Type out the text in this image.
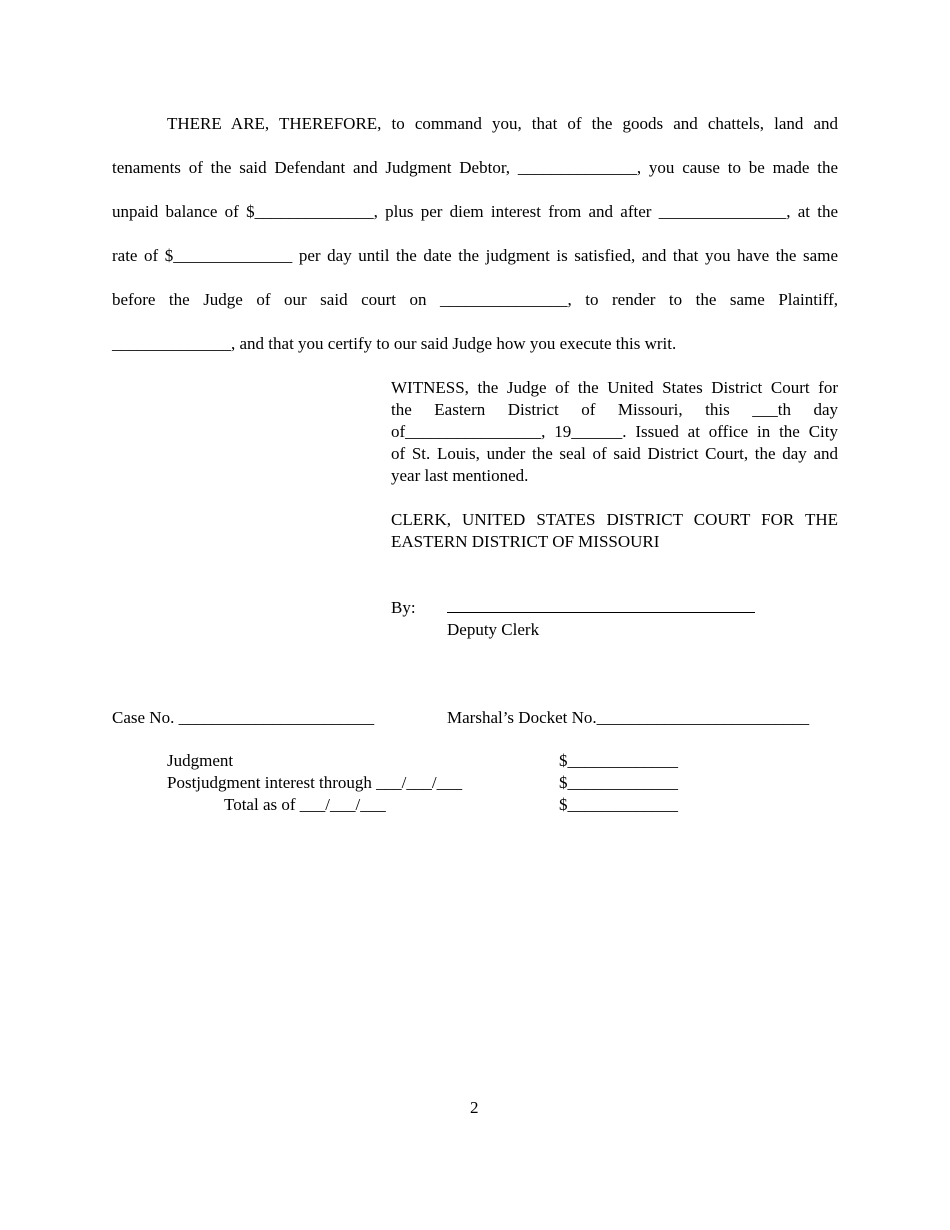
THERE ARE, THEREFORE, to command you, that of the goods and chattels, land and
tenaments of the said Defendant and Judgment Debtor, ______________, you cause to be made the
unpaid balance of $______________, plus per diem interest from and after _______________, at the
rate of $______________ per day until the date the judgment is satisfied, and that you have the same
before the Judge of our said court on _______________, to render to the same Plaintiff,
______________, and that you certify to our said Judge how you execute this writ.
WITNESS, the Judge of the United States District Court for
the Eastern District of Missouri, this ___th day
of________________, 19______. Issued at office in the City
of St. Louis, under the seal of said District Court, the day and
year last mentioned.
CLERK, UNITED STATES DISTRICT COURT FOR THE
EASTERN DISTRICT OF MISSOURI
By:
Deputy Clerk
Case No. _______________________	Marshal’s Docket No._________________________
Judgment	$_____________
Postjudgment interest through ___/___/___	$_____________
Total as of ___/___/___	$_____________
2
